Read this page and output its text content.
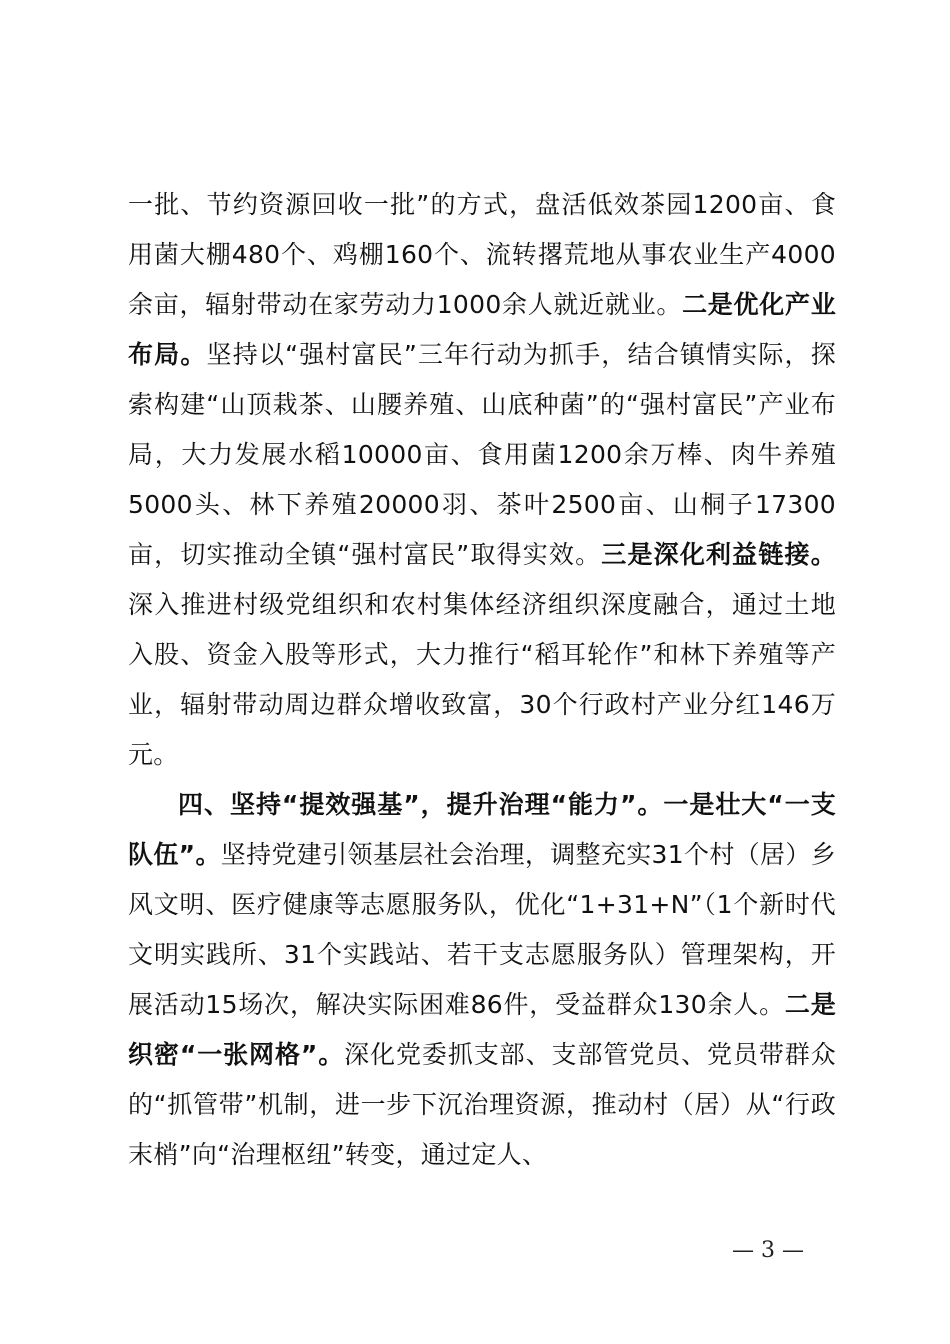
一批、节约资源回收一批”的方式，盘活低效茶园1200亩、食用菌大棚480个、鸡棚160个、流转撂荒地从事农业生产4000余亩，辐射带动在家劳动力1000余人就近就业。二是优化产业布局。坚持以“强村富民”三年行动为抓手，结合镇情实际，探索构建“山顶栽茶、山腰养殖、山底种菌”的“强村富民”产业布局，大力发展水稻10000亩、食用菌1200余万棒、肉牛养殖5000头、林下养殖20000羽、茶叶2500亩、山桐子17300亩，切实推动全镇“强村富民”取得实效。三是深化利益链接。深入推进村级党组织和农村集体经济组织深度融合，通过土地入股、资金入股等形式，大力推行“稻耳轮作”和林下养殖等产业，辐射带动周边群众增收致富，30个行政村产业分红146万元。

四、坚持“提效强基”，提升治理“能力”。一是壮大“一支队伍”。坚持党建引领基层社会治理，调整充实31个村（居）乡风文明、医疗健康等志愿服务队，优化“1+31+N”（1个新时代文明实践所、31个实践站、若干支志愿服务队）管理架构，开展活动15场次，解决实际困难86件，受益群众130余人。二是织密“一张网格”。深化党委抓支部、支部管党员、党员带群众的“抓管带”机制，进一步下沉治理资源，推动村（居）从“行政末梢”向“治理枢纽”转变，通过定人、

— 3 —
